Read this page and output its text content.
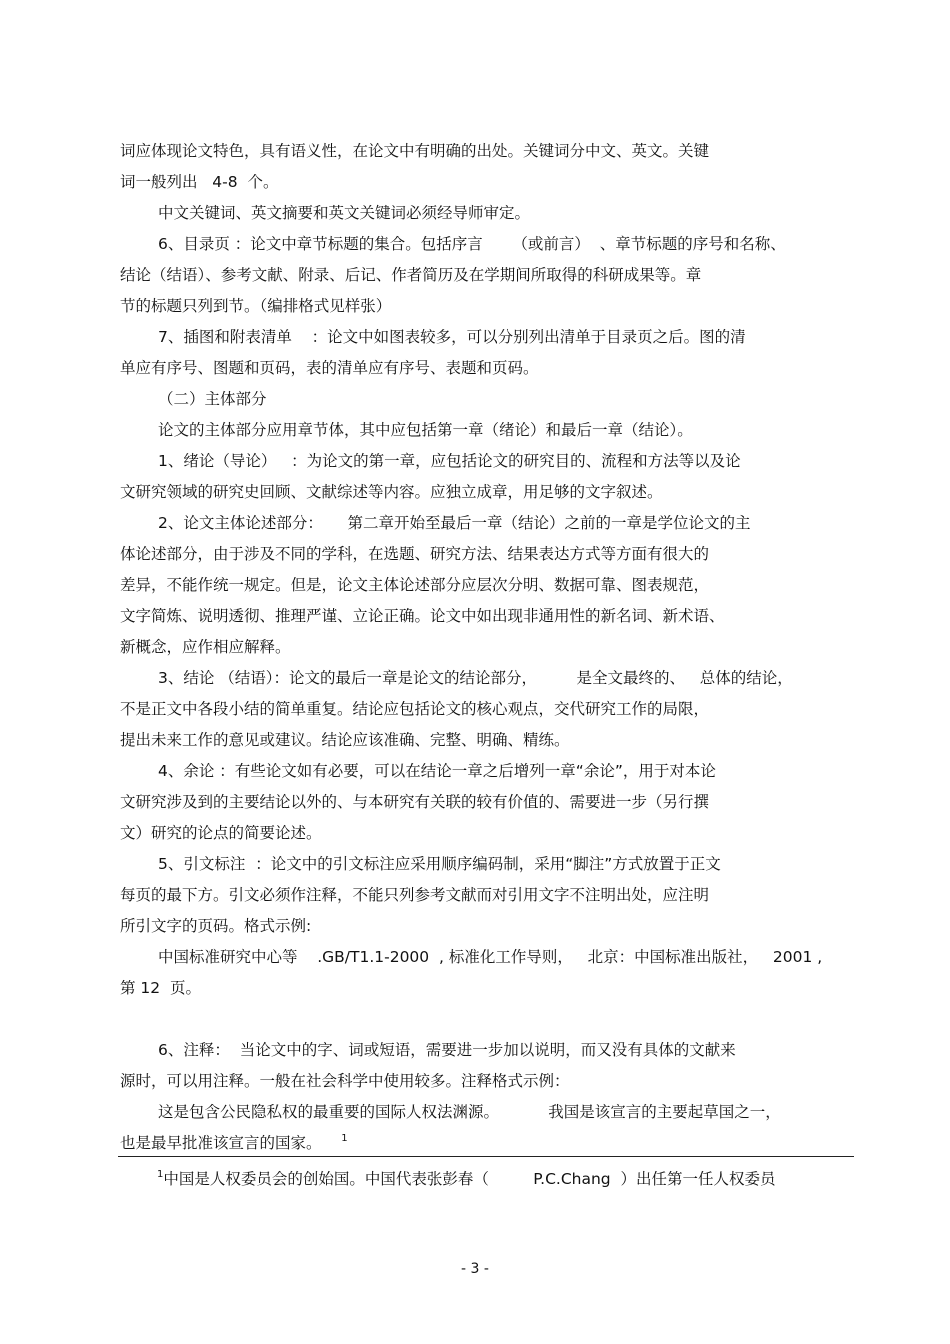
词应体现论文特色，具有语义性，在论文中有明确的出处。关键词分中文、英文。关键
词一般列出   4-8  个。
中文关键词、英文摘要和英文关键词必须经导师审定。
6、目录页 ：论文中章节标题的集合。包括序言      （或前言）  、章节标题的序号和名称、
结论（结语）、参考文献、附录、后记、作者简历及在学期间所取得的科研成果等。章
节的标题只列到节。（编排格式见样张）
7、插图和附表清单    ：论文中如图表较多，可以分别列出清单于目录页之后。图的清
单应有序号、图题和页码，表的清单应有序号、表题和页码。
（二）主体部分
论文的主体部分应用章节体，其中应包括第一章（绪论）和最后一章（结论）。
1、绪论（导论）   ：为论文的第一章，应包括论文的研究目的、流程和方法等以及论
文研究领域的研究史回顾、文献综述等内容。应独立成章，用足够的文字叙述。
2、论文主体论述部分：     第二章开始至最后一章（结论）之前的一章是学位论文的主
体论述部分，由于涉及不同的学科，在选题、研究方法、结果表达方式等方面有很大的
差异，不能作统一规定。但是，论文主体论述部分应层次分明、数据可靠、图表规范，
文字简炼、说明透彻、推理严谨、立论正确。论文中如出现非通用性的新名词、新术语、
新概念，应作相应解释。
3、结论 （结语）：论文的最后一章是论文的结论部分，        是全文最终的、   总体的结论，
不是正文中各段小结的简单重复。结论应包括论文的核心观点，交代研究工作的局限，
提出未来工作的意见或建议。结论应该准确、完整、明确、精练。
4、余论 ：有些论文如有必要，可以在结论一章之后增列一章“余论”，用于对本论
文研究涉及到的主要结论以外的、与本研究有关联的较有价值的、需要进一步（另行撰
文）研究的论点的简要论述。
5、引文标注  ：论文中的引文标注应采用顺序编码制，采用“脚注”方式放置于正文
每页的最下方。引文必须作注释，不能只列参考文献而对引用文字不注明出处，应注明
所引文字的页码。格式示例:
中国标准研究中心等    .GB/T1.1-2000  , 标准化工作导则，   北京：中国标准出版社，   2001 ,
第 12  页。
6、注释：  当论文中的字、词或短语，需要进一步加以说明，而又没有具体的文献来
源时，可以用注释。一般在社会科学中使用较多。注释格式示例：
这是包含公民隐私权的最重要的国际人权法渊源。          我国是该宣言的主要起草国之一，
也是最早批准该宣言的国家。 $^1$
$^1$中国是人权委员会的创始国。中国代表张彭春（         P.C.Chang  ）出任第一任人权委员
- 3 -
